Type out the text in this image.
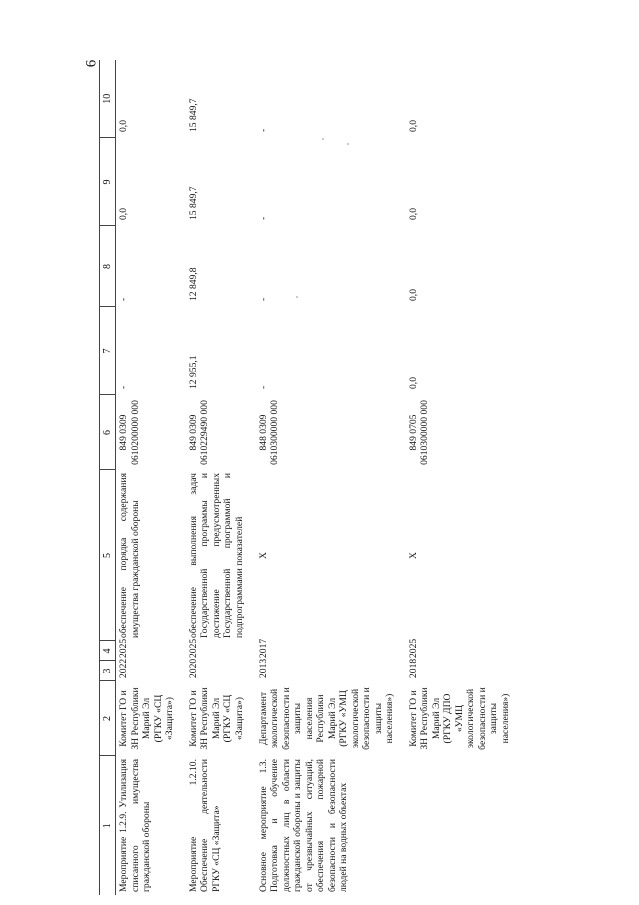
6
1	2	3	4	5	6	7	8	9	10
Мероприятие 1.2.9. Утилизация списанного имущества гражданской обороны	Комитет ГО и ЗН Республики Марий Эл (РГКУ «СЦ «Защита»)	2022	2025	обеспечение порядка содержания имущества гражданской обороны	849 0309
0610200000 000	-	-	0,0	0,0
Мероприятие 1.2.10. Обеспечение деятельности РГКУ «СЦ «Защита»	Комитет ГО и ЗН Республики Марий Эл (РГКУ «СЦ «Защита»)	2020	2025	обеспечение выполнения задач Государственной программы и достижение предусмотренных Государственной программой и подпрограммами показателей	849 0309
0610229490 000	12 955,1	12 849,8	15 849,7	15 849,7
Основное мероприятие 1.3. Подготовка и обучение должностных лиц в области гражданской обороны и защиты от чрезвычайных ситуаций, обеспечения пожарной безопасности и безопасности людей на водных объектах	Департамент экологической безопасности и защиты населения Республики Марий Эл (РГКУ «УМЦ экологической безопасности и защиты населения»)	2013	2017	Х	848 0309
0610300000 000	-	-	-	-
	Комитет ГО и ЗН Республики Марий Эл (РГКУ ДПО «УМЦ экологической безопасности и защиты населения»)	2018	2025	Х	849 0705
0610300000 000	0,0	0,0	0,0	0,0
